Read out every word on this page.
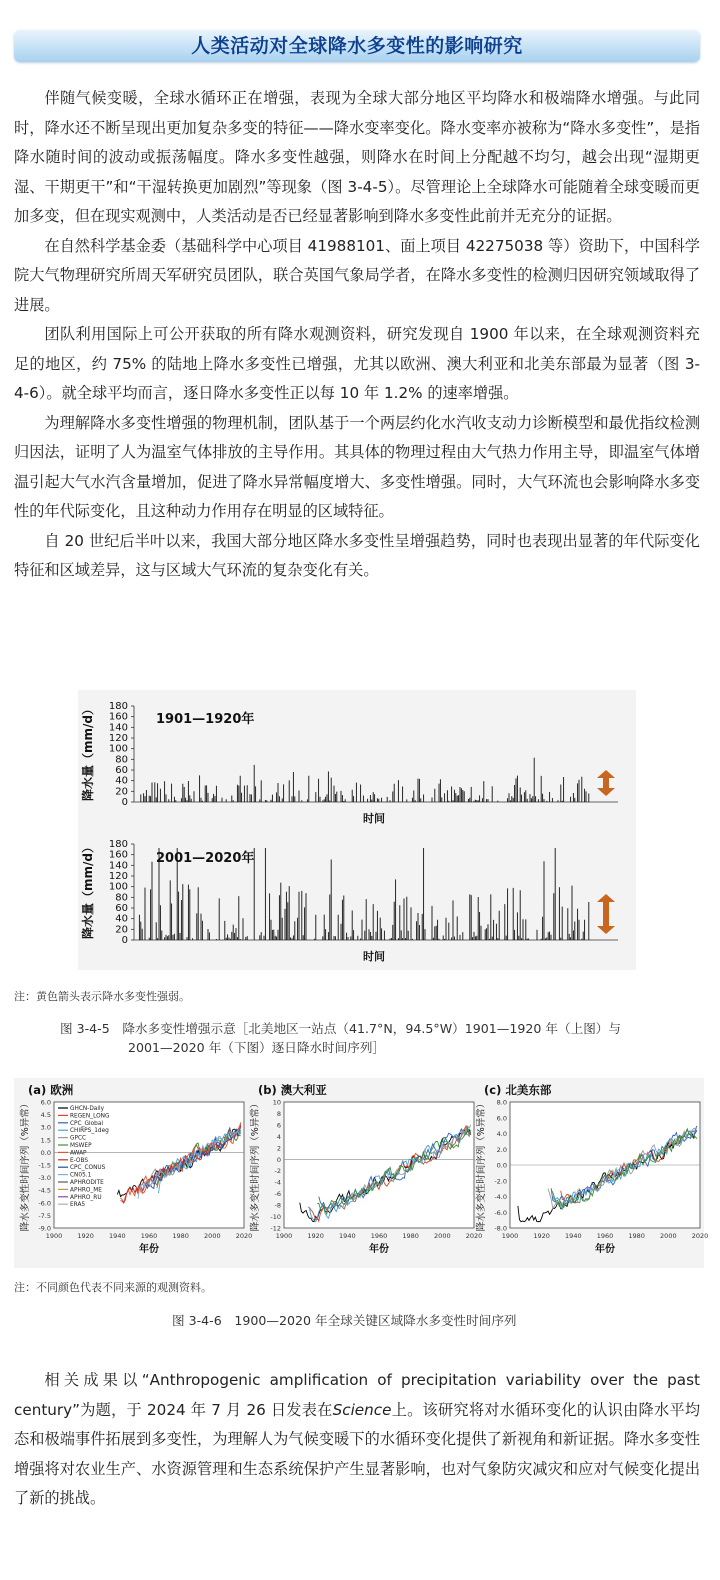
人类活动对全球降水多变性的影响研究

伴随气候变暖，全球水循环正在增强，表现为全球大部分地区平均降水和极端降水增强。与此同时，降水还不断呈现出更加复杂多变的特征——降水变率变化。降水变率亦被称为“降水多变性”，是指降水随时间的波动或振荡幅度。降水多变性越强，则降水在时间上分配越不均匀，越会出现“湿期更湿、干期更干”和“干湿转换更加剧烈”等现象（图 3-4-5）。尽管理论上全球降水可能随着全球变暖而更加多变，但在现实观测中，人类活动是否已经显著影响到降水多变性此前并无充分的证据。

在自然科学基金委（基础科学中心项目 41988101、面上项目 42275038 等）资助下，中国科学院大气物理研究所周天军研究员团队，联合英国气象局学者，在降水多变性的检测归因研究领域取得了进展。

团队利用国际上可公开获取的所有降水观测资料，研究发现自 1900 年以来，在全球观测资料充足的地区，约 75% 的陆地上降水多变性已增强，尤其以欧洲、澳大利亚和北美东部最为显著（图 3-4-6）。就全球平均而言，逐日降水多变性正以每 10 年 1.2% 的速率增强。

为理解降水多变性增强的物理机制，团队基于一个两层约化水汽收支动力诊断模型和最优指纹检测归因法，证明了人为温室气体排放的主导作用。其具体的物理过程由大气热力作用主导，即温室气体增温引起大气水汽含量增加，促进了降水异常幅度增大、多变性增强。同时，大气环流也会影响降水多变性的年代际变化，且这种动力作用存在明显的区域特征。

自 20 世纪后半叶以来，我国大部分地区降水多变性呈增强趋势，同时也表现出显著的年代际变化特征和区域差异，这与区域大气环流的复杂变化有关。

1901—1920年
降水量（mm/d）
时间
0
20
40
60
80
100
120
140
160
180
2001—2020年
降水量（mm/d）
时间
0
20
40
60
80
100
120
140
160
180
注：黄色箭头表示降水多变性强弱。
图 3-4-5　降水多变性增强示意［北美地区一站点（41.7°N，94.5°W）1901—1920 年（上图）与
2001—2020 年（下图）逐日降水时间序列］
(a) 欧洲
6.0
4.5
3.0
1.5
0.0
-1.5
-3.0
-4.5
-6.0
-7.5
-9.0
1900 1920 1940 1960 1980 2000 2020
年份
降水多变性时间序列（%异常）	GHCN-Daily
REGEN_LONG
CPC_Global
CHIRPS_1deg
GPCC
MSWEP
AWAP
E-OBS
CPC_CONUS
CN05.1
APHRODITE
APHRO_ME
APHRO_RU
ERA5
(b) 澳大利亚
10
8
6
4
2
0
-2
-4
-6
-8
-10
-12
1900 1920 1940 1960 1980 2000 2020
年份
降水多变性时间序列（%异常）
(c) 北美东部
8.0
6.0
4.0
2.0
0.0
-2.0
-4.0
-6.0
-8.0
1900 1920 1940 1960 1980 2000 2020
年份
降水多变性时间序列（%异常）
注：不同颜色代表不同来源的观测资料。
图 3-4-6　1900—2020 年全球关键区域降水多变性时间序列

相关成果以“Anthropogenic amplification of precipitation variability over the past century”为题，于 2024 年 7 月 26 日发表在Science上。该研究将对水循环变化的认识由降水平均态和极端事件拓展到多变性，为理解人为气候变暖下的水循环变化提供了新视角和新证据。降水多变性增强将对农业生产、水资源管理和生态系统保护产生显著影响，也对气象防灾减灾和应对气候变化提出了新的挑战。
